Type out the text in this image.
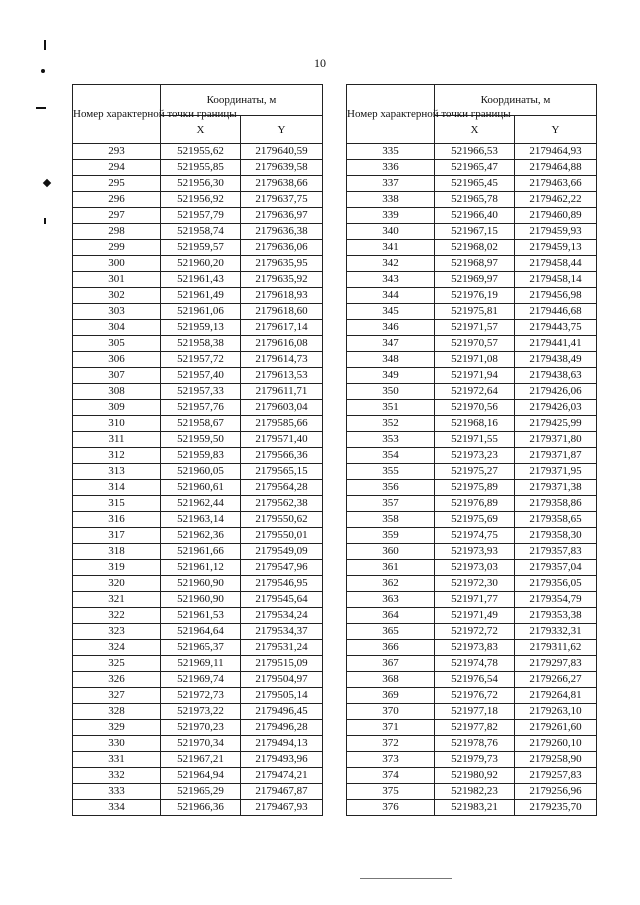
10
Номер характерной точки границы	Координаты, м	
	X	Y
293	521955,62	2179640,59
294	521955,85	2179639,58
295	521956,30	2179638,66
296	521956,92	2179637,75
297	521957,79	2179636,97
298	521958,74	2179636,38
299	521959,57	2179636,06
300	521960,20	2179635,95
301	521961,43	2179635,92
302	521961,49	2179618,93
303	521961,06	2179618,60
304	521959,13	2179617,14
305	521958,38	2179616,08
306	521957,72	2179614,73
307	521957,40	2179613,53
308	521957,33	2179611,71
309	521957,76	2179603,04
310	521958,67	2179585,66
311	521959,50	2179571,40
312	521959,83	2179566,36
313	521960,05	2179565,15
314	521960,61	2179564,28
315	521962,44	2179562,38
316	521963,14	2179550,62
317	521962,36	2179550,01
318	521961,66	2179549,09
319	521961,12	2179547,96
320	521960,90	2179546,95
321	521960,90	2179545,64
322	521961,53	2179534,24
323	521964,64	2179534,37
324	521965,37	2179531,24
325	521969,11	2179515,09
326	521969,74	2179504,97
327	521972,73	2179505,14
328	521973,22	2179496,45
329	521970,23	2179496,28
330	521970,34	2179494,13
331	521967,21	2179493,96
332	521964,94	2179474,21
333	521965,29	2179467,87
334	521966,36	2179467,93
Номер характерной точки границы	Координаты, м	
	X	Y
335	521966,53	2179464,93
336	521965,47	2179464,88
337	521965,45	2179463,66
338	521965,78	2179462,22
339	521966,40	2179460,89
340	521967,15	2179459,93
341	521968,02	2179459,13
342	521968,97	2179458,44
343	521969,97	2179458,14
344	521976,19	2179456,98
345	521975,81	2179446,68
346	521971,57	2179443,75
347	521970,57	2179441,41
348	521971,08	2179438,49
349	521971,94	2179438,63
350	521972,64	2179426,06
351	521970,56	2179426,03
352	521968,16	2179425,99
353	521971,55	2179371,80
354	521973,23	2179371,87
355	521975,27	2179371,95
356	521975,89	2179371,38
357	521976,89	2179358,86
358	521975,69	2179358,65
359	521974,75	2179358,30
360	521973,93	2179357,83
361	521973,03	2179357,04
362	521972,30	2179356,05
363	521971,77	2179354,79
364	521971,49	2179353,38
365	521972,72	2179332,31
366	521973,83	2179311,62
367	521974,78	2179297,83
368	521976,54	2179266,27
369	521976,72	2179264,81
370	521977,18	2179263,10
371	521977,82	2179261,60
372	521978,76	2179260,10
373	521979,73	2179258,90
374	521980,92	2179257,83
375	521982,23	2179256,96
376	521983,21	2179235,70
